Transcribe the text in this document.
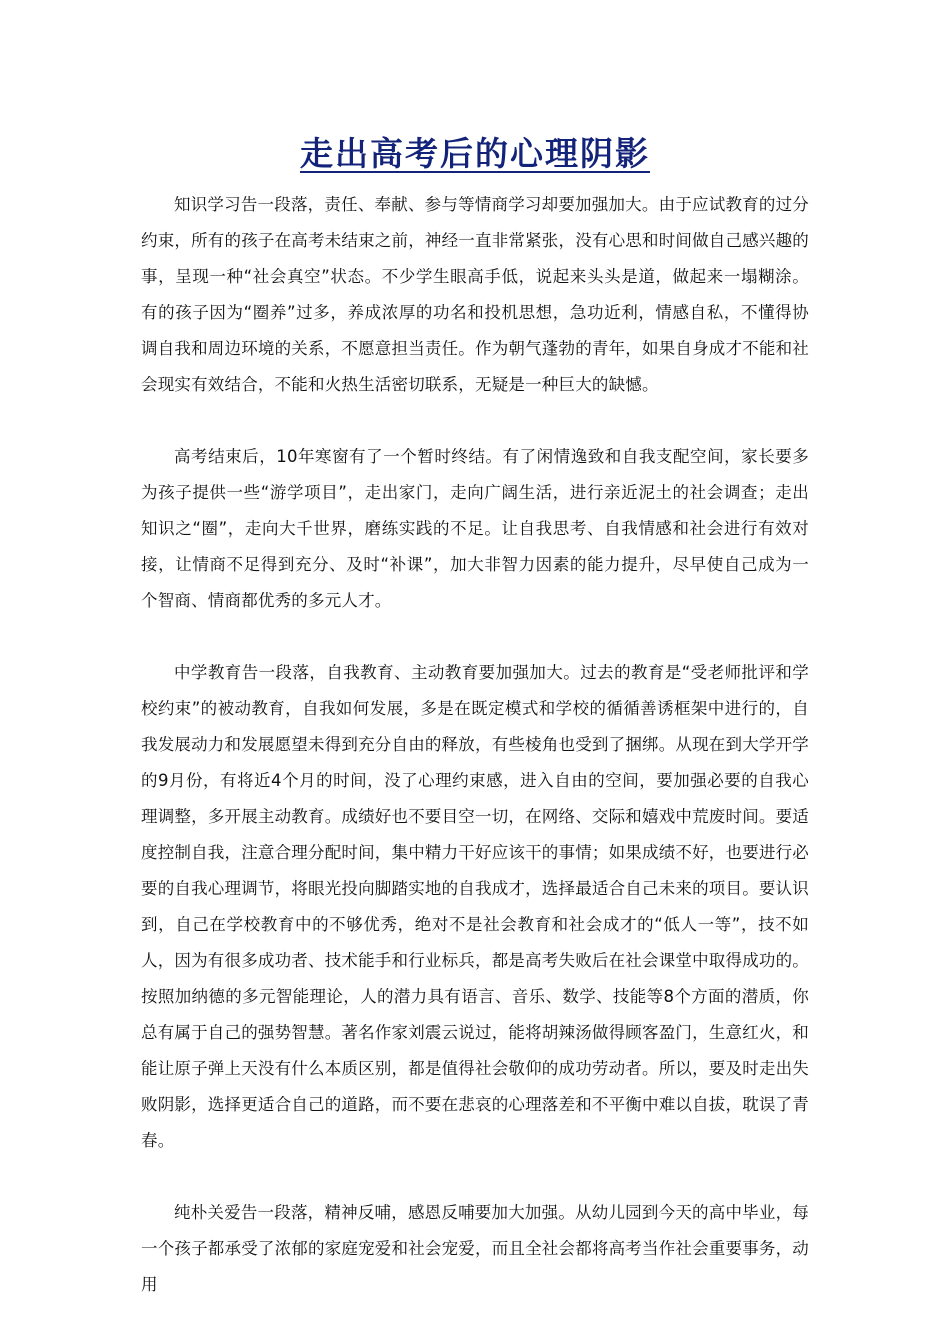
走出高考后的心理阴影

知识学习告一段落，责任、奉献、参与等情商学习却要加强加大。由于应试教育的过分约束，所有的孩子在高考未结束之前，神经一直非常紧张，没有心思和时间做自己感兴趣的事，呈现一种“社会真空”状态。不少学生眼高手低，说起来头头是道，做起来一塌糊涂。有的孩子因为“圈养”过多，养成浓厚的功名和投机思想，急功近利，情感自私，不懂得协调自我和周边环境的关系，不愿意担当责任。作为朝气蓬勃的青年，如果自身成才不能和社会现实有效结合，不能和火热生活密切联系，无疑是一种巨大的缺憾。

高考结束后，10年寒窗有了一个暂时终结。有了闲情逸致和自我支配空间，家长要多为孩子提供一些“游学项目”，走出家门，走向广阔生活，进行亲近泥土的社会调查；走出知识之“圈”，走向大千世界，磨练实践的不足。让自我思考、自我情感和社会进行有效对接，让情商不足得到充分、及时“补课”，加大非智力因素的能力提升，尽早使自己成为一个智商、情商都优秀的多元人才。

中学教育告一段落，自我教育、主动教育要加强加大。过去的教育是“受老师批评和学校约束”的被动教育，自我如何发展，多是在既定模式和学校的循循善诱框架中进行的，自我发展动力和发展愿望未得到充分自由的释放，有些棱角也受到了捆绑。从现在到大学开学的9月份，有将近4个月的时间，没了心理约束感，进入自由的空间，要加强必要的自我心理调整，多开展主动教育。成绩好也不要目空一切，在网络、交际和嬉戏中荒废时间。要适度控制自我，注意合理分配时间，集中精力干好应该干的事情；如果成绩不好，也要进行必要的自我心理调节，将眼光投向脚踏实地的自我成才，选择最适合自己未来的项目。要认识到，自己在学校教育中的不够优秀，绝对不是社会教育和社会成才的“低人一等”，技不如人，因为有很多成功者、技术能手和行业标兵，都是高考失败后在社会课堂中取得成功的。按照加纳德的多元智能理论，人的潜力具有语言、音乐、数学、技能等8个方面的潜质，你总有属于自己的强势智慧。著名作家刘震云说过，能将胡辣汤做得顾客盈门，生意红火，和能让原子弹上天没有什么本质区别，都是值得社会敬仰的成功劳动者。所以，要及时走出失败阴影，选择更适合自己的道路，而不要在悲哀的心理落差和不平衡中难以自拔，耽误了青春。

纯朴关爱告一段落，精神反哺，感恩反哺要加大加强。从幼儿园到今天的高中毕业，每一个孩子都承受了浓郁的家庭宠爱和社会宠爱，而且全社会都将高考当作社会重要事务，动用
